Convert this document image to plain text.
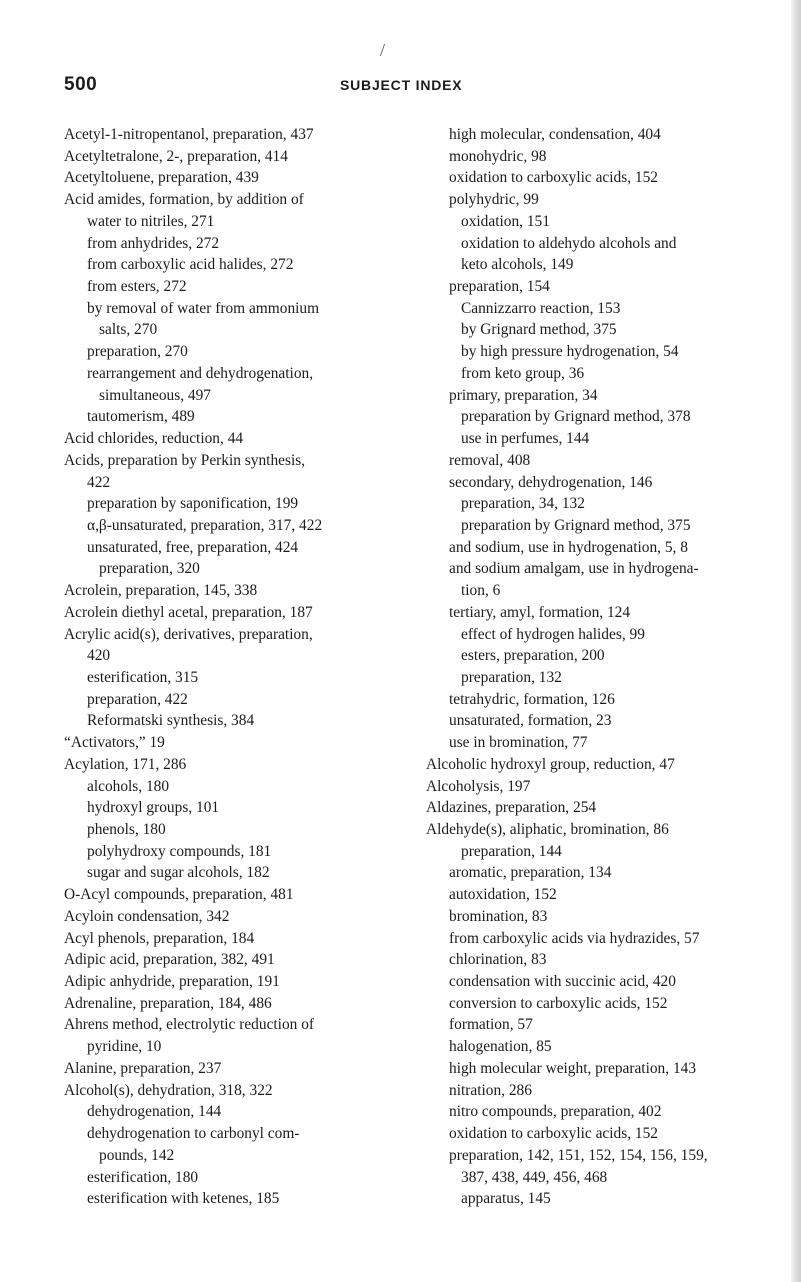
/
500	SUBJECT INDEX
Acetyl-1-nitropentanol, preparation, 437
Acetyltetralone, 2-, preparation, 414
Acetyltoluene, preparation, 439
Acid amides, formation, by addition of
water to nitriles, 271
from anhydrides, 272
from carboxylic acid halides, 272
from esters, 272
by removal of water from ammonium
salts, 270
preparation, 270
rearrangement and dehydrogenation,
simultaneous, 497
tautomerism, 489
Acid chlorides, reduction, 44
Acids, preparation by Perkin synthesis,
422
preparation by saponification, 199
α,β-unsaturated, preparation, 317, 422
unsaturated, free, preparation, 424
preparation, 320
Acrolein, preparation, 145, 338
Acrolein diethyl acetal, preparation, 187
Acrylic acid(s), derivatives, preparation,
420
esterification, 315
preparation, 422
Reformatski synthesis, 384
“Activators,” 19
Acylation, 171, 286
alcohols, 180
hydroxyl groups, 101
phenols, 180
polyhydroxy compounds, 181
sugar and sugar alcohols, 182
O-Acyl compounds, preparation, 481
Acyloin condensation, 342
Acyl phenols, preparation, 184
Adipic acid, preparation, 382, 491
Adipic anhydride, preparation, 191
Adrenaline, preparation, 184, 486
Ahrens method, electrolytic reduction of
pyridine, 10
Alanine, preparation, 237
Alcohol(s), dehydration, 318, 322
dehydrogenation, 144
dehydrogenation to carbonyl com-
pounds, 142
esterification, 180
esterification with ketenes, 185
high molecular, condensation, 404
monohydric, 98
oxidation to carboxylic acids, 152
polyhydric, 99
oxidation, 151
oxidation to aldehydo alcohols and
keto alcohols, 149
preparation, 154
Cannizzarro reaction, 153
by Grignard method, 375
by high pressure hydrogenation, 54
from keto group, 36
primary, preparation, 34
preparation by Grignard method, 378
use in perfumes, 144
removal, 408
secondary, dehydrogenation, 146
preparation, 34, 132
preparation by Grignard method, 375
and sodium, use in hydrogenation, 5, 8
and sodium amalgam, use in hydrogena-
tion, 6
tertiary, amyl, formation, 124
effect of hydrogen halides, 99
esters, preparation, 200
preparation, 132
tetrahydric, formation, 126
unsaturated, formation, 23
use in bromination, 77
Alcoholic hydroxyl group, reduction, 47
Alcoholysis, 197
Aldazines, preparation, 254
Aldehyde(s), aliphatic, bromination, 86
preparation, 144
aromatic, preparation, 134
autoxidation, 152
bromination, 83
from carboxylic acids via hydrazides, 57
chlorination, 83
condensation with succinic acid, 420
conversion to carboxylic acids, 152
formation, 57
halogenation, 85
high molecular weight, preparation, 143
nitration, 286
nitro compounds, preparation, 402
oxidation to carboxylic acids, 152
preparation, 142, 151, 152, 154, 156, 159,
387, 438, 449, 456, 468
apparatus, 145
